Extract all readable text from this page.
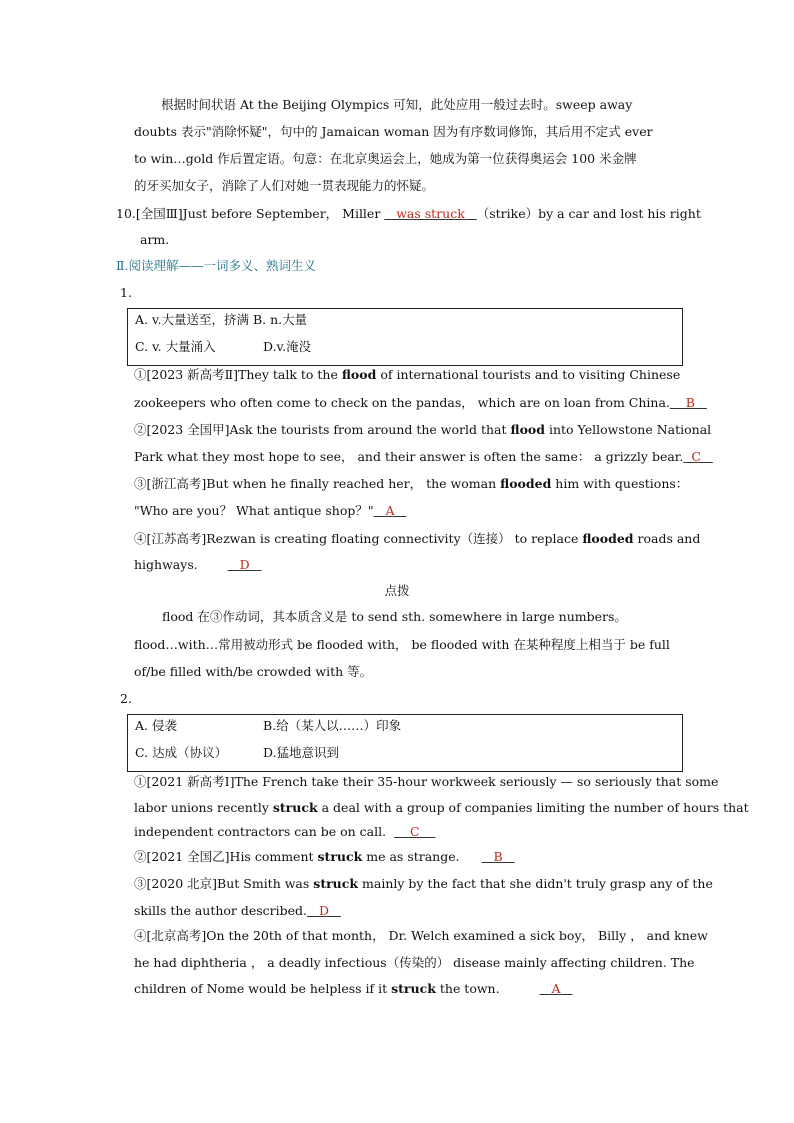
根据时间状语 At the Beijing Olympics 可知，此处应用一般过去时。sweep away
doubts 表示"消除怀疑"，句中的 Jamaican woman 因为有序数词修饰，其后用不定式 ever
to win…gold 作后置定语。句意：在北京奥运会上，她成为第一位获得奥运会 100 米金牌
的牙买加女子，消除了人们对她一贯表现能力的怀疑。
10.[全国Ⅲ]Just before September， Miller    was struck   （strike）by a car and lost his right
arm.
Ⅱ.阅读理解——一词多义、熟词生义
1.
A. v.大量送至，挤满 B. n.大量
C. v. 大量涌入	D.v.淹没
①[2023 新高考Ⅱ]They talk to the flood of international tourists and to visiting Chinese
zookeepers who often come to check on the pandas， which are on loan from China.    B
②[2023 全国甲]Ask the tourists from around the world that flood into Yellowstone National
Park what they most hope to see， and their answer is often the same： a grizzly bear.  C
③[浙江高考]But when he finally reached her， the woman flooded him with questions：
"Who are you？ What antique shop？"   A
④[江苏高考]Rezwan is creating floating connectivity（连接） to replace flooded roads and
highways.   D
点拨
flood 在③作动词，其本质含义是 to send sth. somewhere in large numbers。
flood…with…常用被动形式 be flooded with， be flooded with 在某种程度上相当于 be full
of/be filled with/be crowded with 等。
2.
A. 侵袭	B.给（某人以……）印象
C. 达成（协议）	D.猛地意识到
①[2021 新高考Ⅰ]The French take their 35-hour workweek seriously — so seriously that some
labor unions recently struck a deal with a group of companies limiting the number of hours that
independent contractors can be on call.    C
②[2021 全国乙]His comment struck me as strange.   B
③[2020 北京]But Smith was struck mainly by the fact that she didn't truly grasp any of the
skills the author described.   D
④[北京高考]On the 20th of that month， Dr. Welch examined a sick boy， Billy ， and knew
he had diphtheria ， a deadly infectious（传染的） disease mainly affecting children. The
children of Nome would be helpless if it struck the town.	A
